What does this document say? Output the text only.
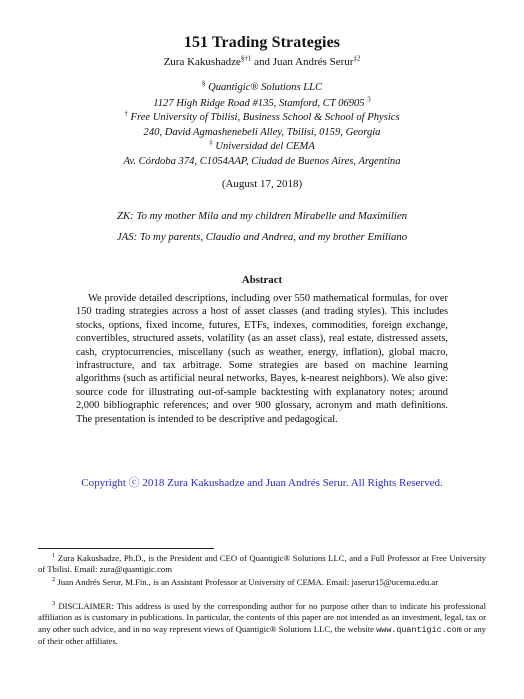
151 Trading Strategies
Zura Kakushadze$^{\S\dagger 1}$ and Juan Andrés Serur$^{\ddagger 2}$
§ Quantigic® Solutions LLC
1127 High Ridge Road #135, Stamford, CT 06905 $^3$
† Free University of Tbilisi, Business School & School of Physics
240, David Agmashenebeli Alley, Tbilisi, 0159, Georgia
‡ Universidad del CEMA
Av. Córdoba 374, C1054AAP, Ciudad de Buenos Aires, Argentina
(August 17, 2018)
ZK: To my mother Mila and my children Mirabelle and Maximilien
JAS: To my parents, Claudio and Andrea, and my brother Emiliano
Abstract
We provide detailed descriptions, including over 550 mathematical formulas, for over 150 trading strategies across a host of asset classes (and trading styles). This includes stocks, options, fixed income, futures, ETFs, indexes, commodities, foreign exchange, convertibles, structured assets, volatility (as an asset class), real estate, distressed assets, cash, cryptocurrencies, miscellany (such as weather, energy, inflation), global macro, infrastructure, and tax arbitrage. Some strategies are based on machine learning algorithms (such as artificial neural networks, Bayes, k-nearest neighbors). We also give: source code for illustrating out-of-sample backtesting with explanatory notes; around 2,000 bibliographic references; and over 900 glossary, acronym and math definitions. The presentation is intended to be descriptive and pedagogical.
Copyright ⓒ 2018 Zura Kakushadze and Juan Andrés Serur. All Rights Reserved.
$^1$ Zura Kakushadze, Ph.D., is the President and CEO of Quantigic® Solutions LLC, and a Full Professor at Free University of Tbilisi. Email: zura@quantigic.com
$^2$ Juan Andrés Serur, M.Fin., is an Assistant Professor at University of CEMA. Email: jaserur15@ucema.edu.ar
$^3$ DISCLAIMER: This address is used by the corresponding author for no purpose other than to indicate his professional affiliation as is customary in publications. In particular, the contents of this paper are not intended as an investment, legal, tax or any other such advice, and in no way represent views of Quantigic® Solutions LLC, the website www.quantigic.com or any of their other affiliates.
